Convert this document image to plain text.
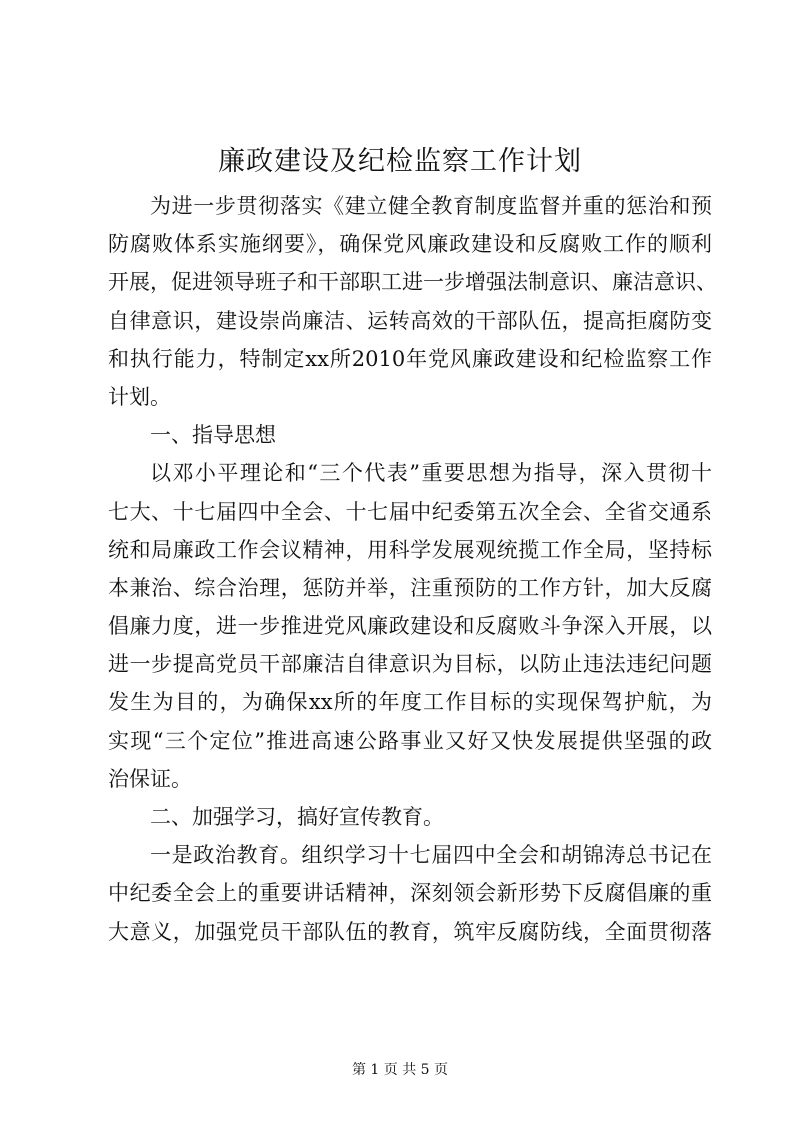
廉政建设及纪检监察工作计划
为进一步贯彻落实《建立健全教育制度监督并重的惩治和预
防腐败体系实施纲要》，确保党风廉政建设和反腐败工作的顺利
开展，促进领导班子和干部职工进一步增强法制意识、廉洁意识、
自律意识，建设崇尚廉洁、运转高效的干部队伍，提高拒腐防变
和执行能力，特制定xx所2010年党风廉政建设和纪检监察工作
计划。
一、指导思想
以邓小平理论和“三个代表”重要思想为指导，深入贯彻十
七大、十七届四中全会、十七届中纪委第五次全会、全省交通系
统和局廉政工作会议精神，用科学发展观统揽工作全局，坚持标
本兼治、综合治理，惩防并举，注重预防的工作方针，加大反腐
倡廉力度，进一步推进党风廉政建设和反腐败斗争深入开展，以
进一步提高党员干部廉洁自律意识为目标，以防止违法违纪问题
发生为目的，为确保xx所的年度工作目标的实现保驾护航，为
实现“三个定位”推进高速公路事业又好又快发展提供坚强的政
治保证。
二、加强学习，搞好宣传教育。
一是政治教育。组织学习十七届四中全会和胡锦涛总书记在
中纪委全会上的重要讲话精神，深刻领会新形势下反腐倡廉的重
大意义，加强党员干部队伍的教育，筑牢反腐防线，全面贯彻落
第 1 页 共 5 页
